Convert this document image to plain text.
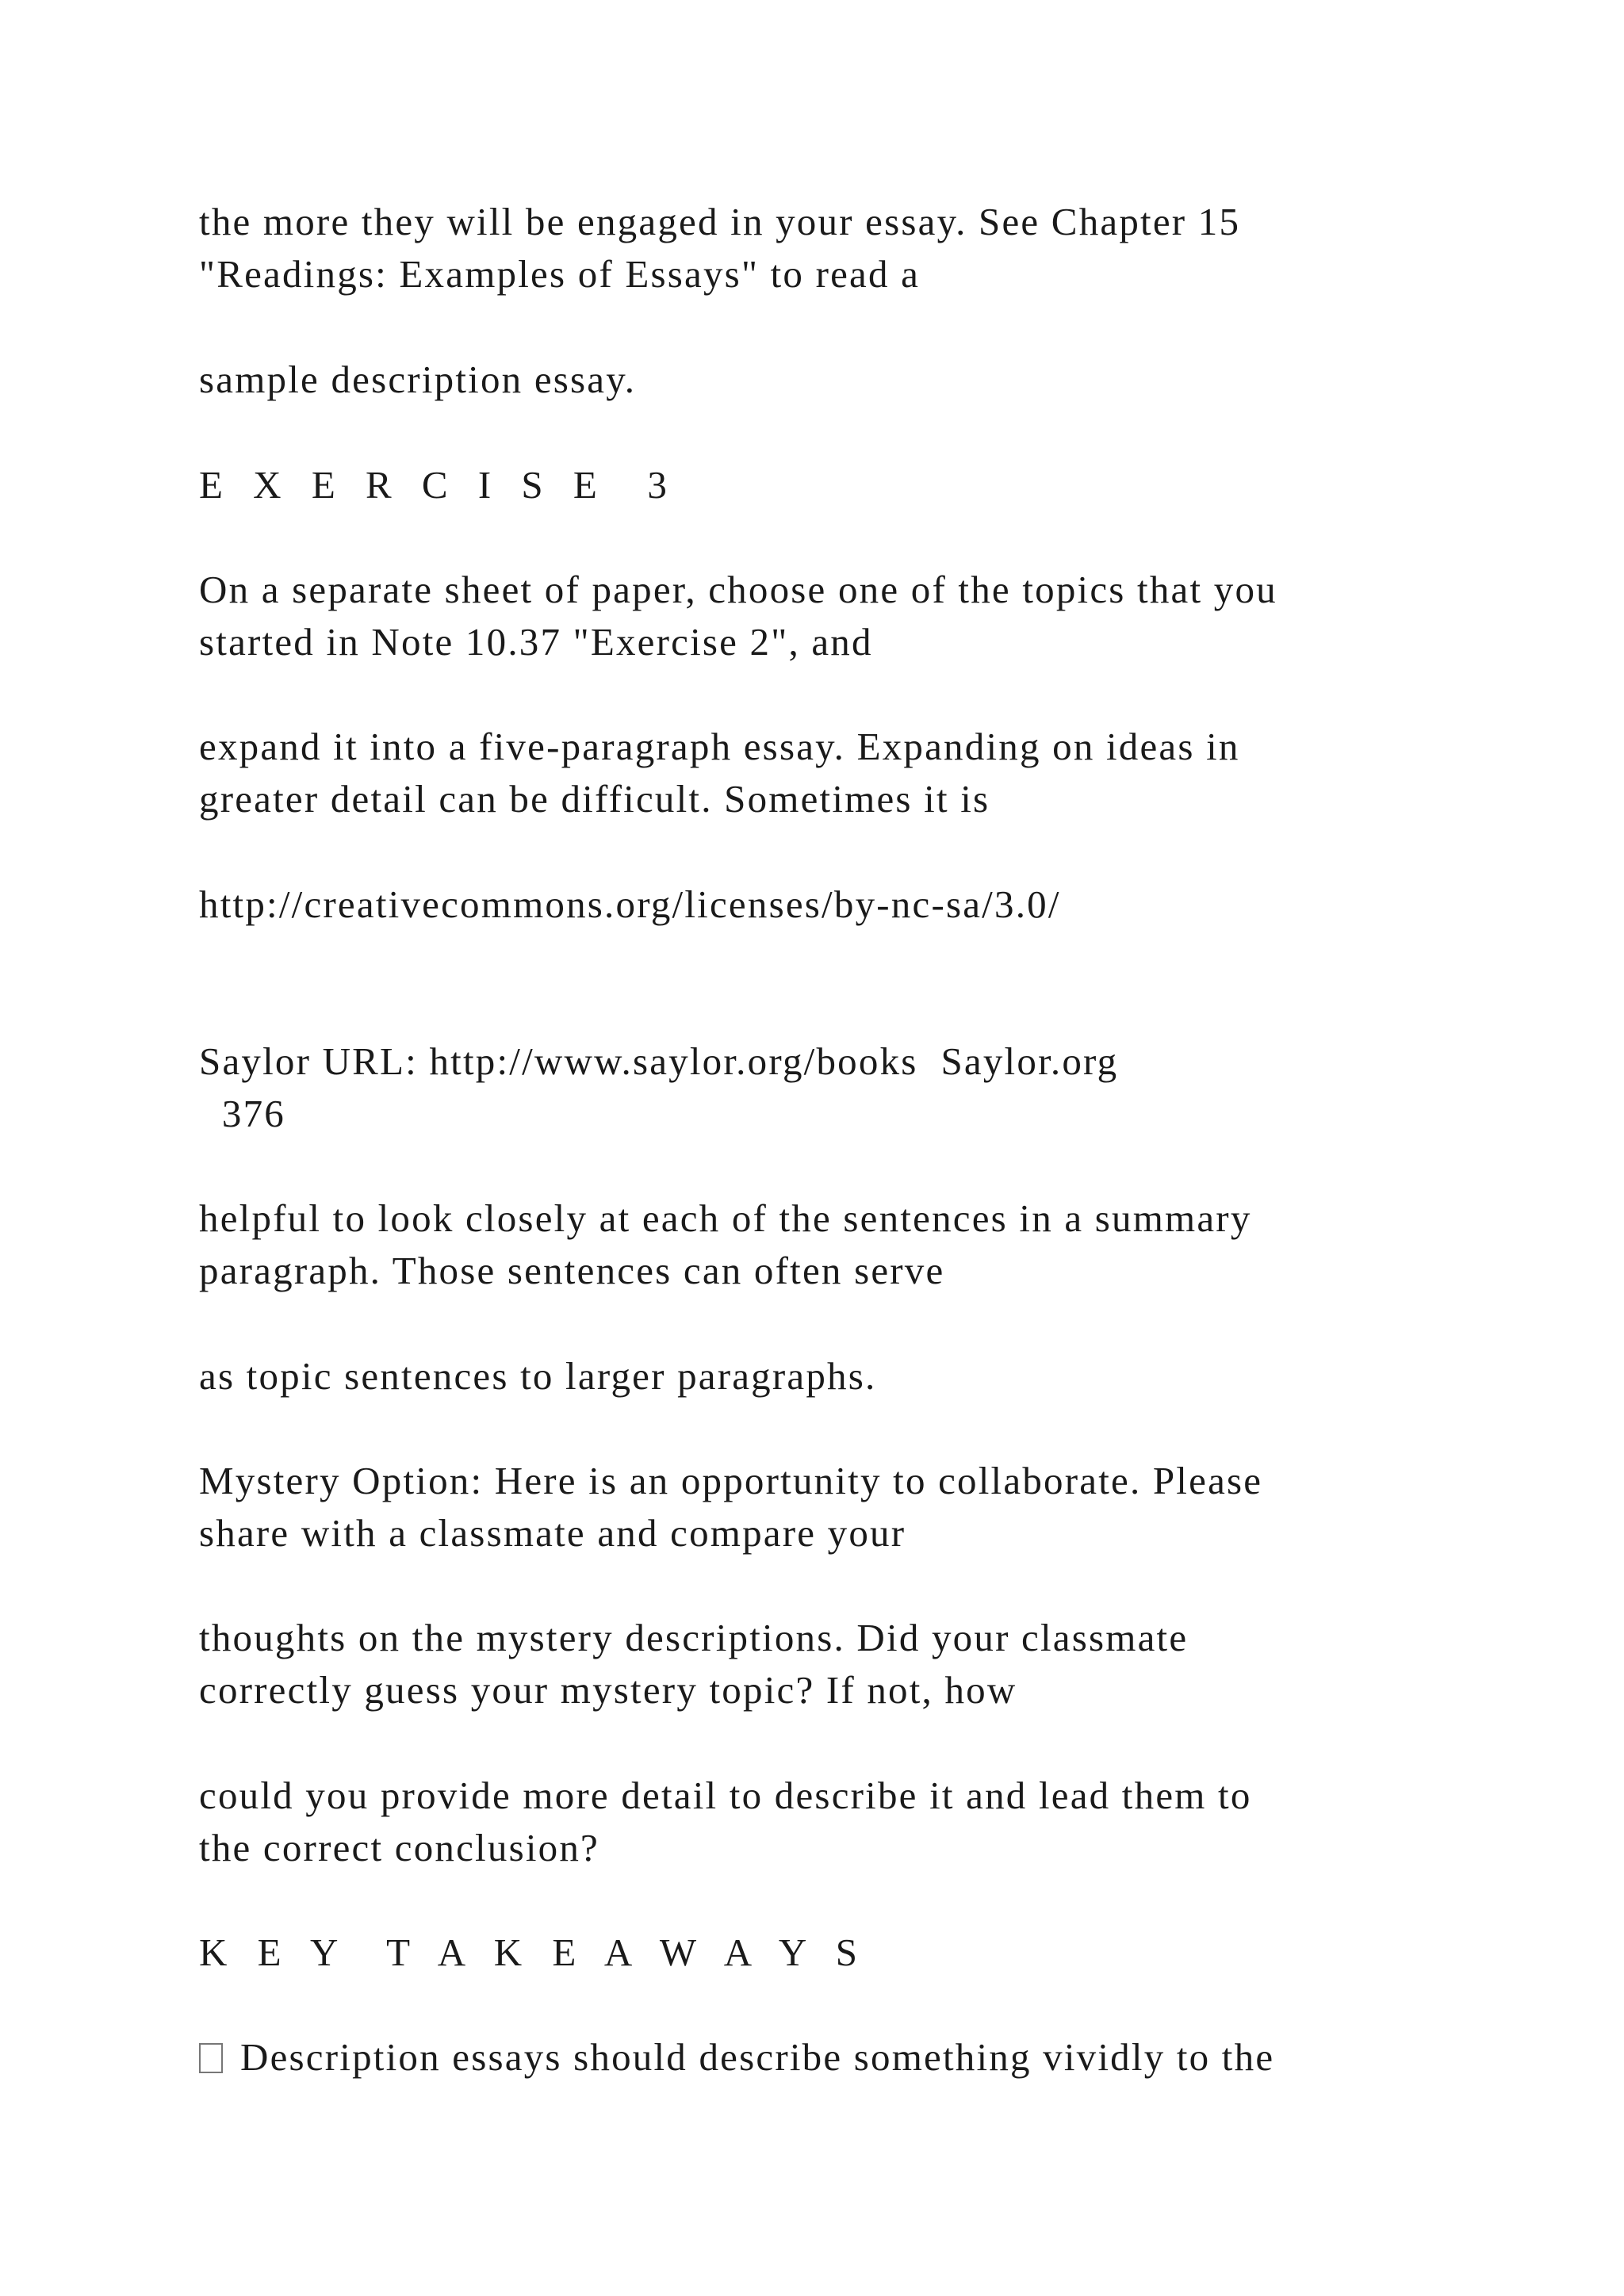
the more they will be engaged in your essay. See Chapter 15
"Readings: Examples of Essays" to read a

sample description essay.

E X E R C I S E  3

On a separate sheet of paper, choose one of the topics that you
started in Note 10.37 "Exercise 2", and

expand it into a five-paragraph essay. Expanding on ideas in
greater detail can be difficult. Sometimes it is

http://creativecommons.org/licenses/by-nc-sa/3.0/

Saylor URL: http://www.saylor.org/books  Saylor.org
376

helpful to look closely at each of the sentences in a summary
paragraph. Those sentences can often serve

as topic sentences to larger paragraphs.

Mystery Option: Here is an opportunity to collaborate. Please
share with a classmate and compare your

thoughts on the mystery descriptions. Did your classmate
correctly guess your mystery topic? If not, how

could you provide more detail to describe it and lead them to
the correct conclusion?

K E Y  T A K E A W A Y S

Description essays should describe something vividly to the
